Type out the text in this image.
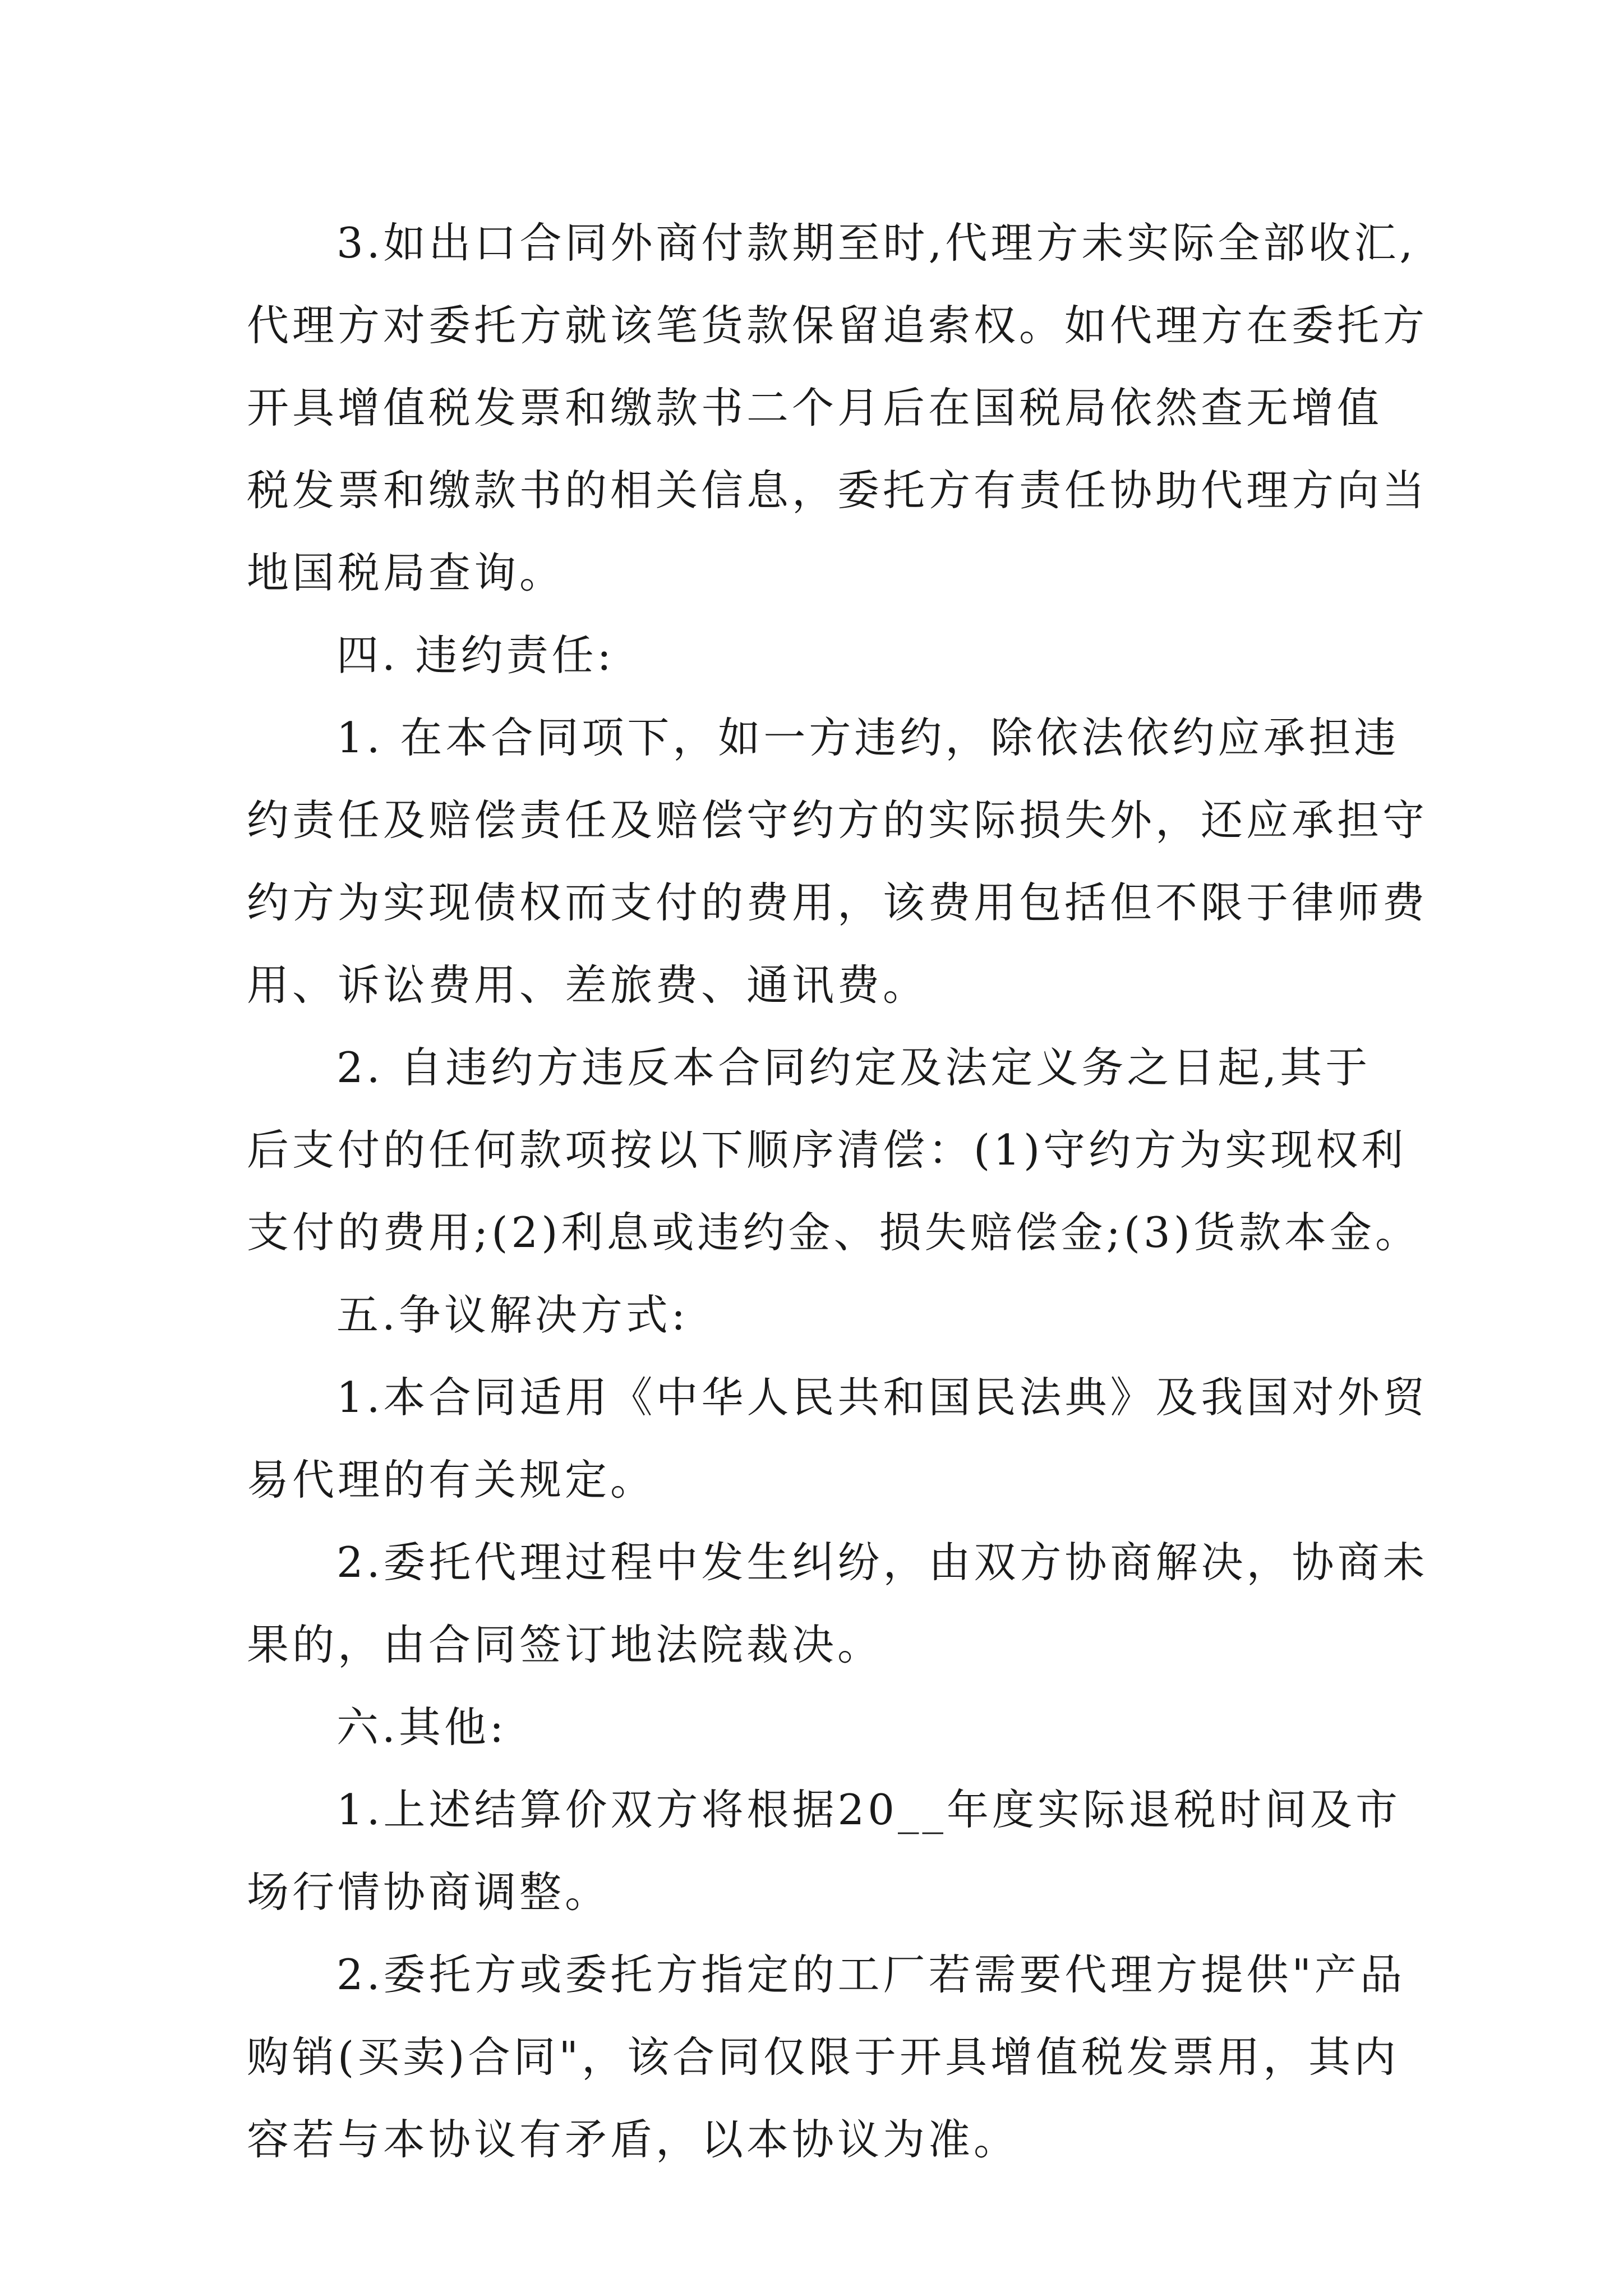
3.如出口合同外商付款期至时,代理方未实际全部收汇,
代理方对委托方就该笔货款保留追索权。如代理方在委托方
开具增值税发票和缴款书二个月后在国税局依然查无增值
税发票和缴款书的相关信息，委托方有责任协助代理方向当
地国税局查询。
四. 违约责任:
1. 在本合同项下，如一方违约，除依法依约应承担违
约责任及赔偿责任及赔偿守约方的实际损失外，还应承担守
约方为实现债权而支付的费用，该费用包括但不限于律师费
用、诉讼费用、差旅费、通讯费。
2. 自违约方违反本合同约定及法定义务之日起,其于
后支付的任何款项按以下顺序清偿：(1)守约方为实现权利
支付的费用;(2)利息或违约金、损失赔偿金;(3)货款本金。
五.争议解决方式:
1.本合同适用《中华人民共和国民法典》及我国对外贸
易代理的有关规定。
2.委托代理过程中发生纠纷，由双方协商解决，协商未
果的，由合同签订地法院裁决。
六.其他:
1.上述结算价双方将根据20__年度实际退税时间及市
场行情协商调整。
2.委托方或委托方指定的工厂若需要代理方提供"产品
购销(买卖)合同"，该合同仅限于开具增值税发票用，其内
容若与本协议有矛盾，以本协议为准。
